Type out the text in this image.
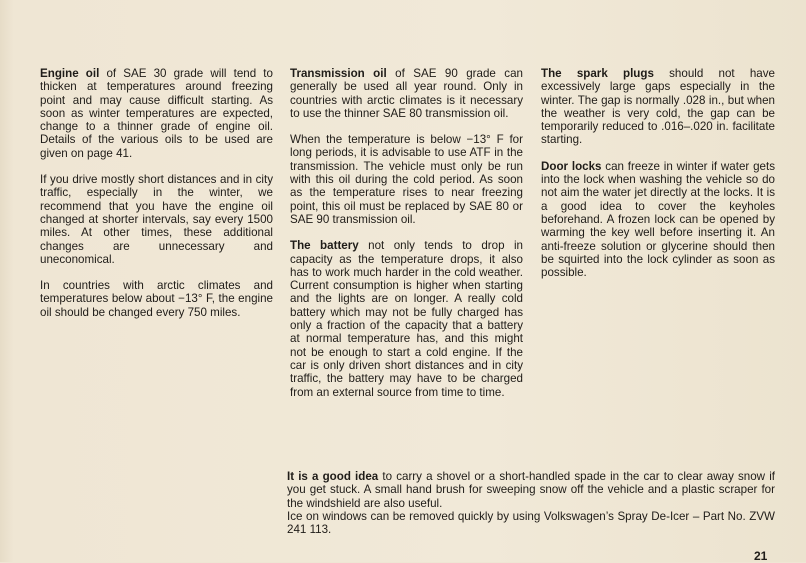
Engine oil of SAE 30 grade will tend to thicken at temperatures around freezing point and may cause difficult starting. As soon as winter temperatures are expected, change to a thinner grade of engine oil. Details of the various oils to be used are given on page 41.

If you drive mostly short distances and in city traffic, especially in the winter, we recommend that you have the engine oil changed at shorter intervals, say every 1500 miles. At other times, these additional changes are unnecessary and uneconomical.

In countries with arctic climates and temperatures below about −13° F, the engine oil should be changed every 750 miles.

Transmission oil of SAE 90 grade can generally be used all year round. Only in countries with arctic climates is it necessary to use the thinner SAE 80 transmission oil.

When the temperature is below −13° F for long periods, it is advisable to use ATF in the transmission. The vehicle must only be run with this oil during the cold period. As soon as the temperature rises to near freezing point, this oil must be replaced by SAE 80 or SAE 90 transmission oil.

The battery not only tends to drop in capacity as the temperature drops, it also has to work much harder in the cold weather. Current consumption is higher when starting and the lights are on longer. A really cold battery which may not be fully charged has only a fraction of the capacity that a battery at normal temperature has, and this might not be enough to start a cold engine. If the car is only driven short distances and in city traffic, the battery may have to be charged from an external source from time to time.

The spark plugs should not have excessively large gaps especially in the winter. The gap is normally .028 in., but when the weather is very cold, the gap can be temporarily reduced to .016–.020 in. facilitate starting.

Door locks can freeze in winter if water gets into the lock when washing the vehicle so do not aim the water jet directly at the locks. It is a good idea to cover the keyholes beforehand. A frozen lock can be opened by warming the key well before inserting it. An anti-freeze solution or glycerine should then be squirted into the lock cylinder as soon as possible.

It is a good idea to carry a shovel or a short-handled spade in the car to clear away snow if you get stuck. A small hand brush for sweeping snow off the vehicle and a plastic scraper for the windshield are also useful.

Ice on windows can be removed quickly by using Volkswagen’s Spray De-Icer – Part No. ZVW 241 113.

21
